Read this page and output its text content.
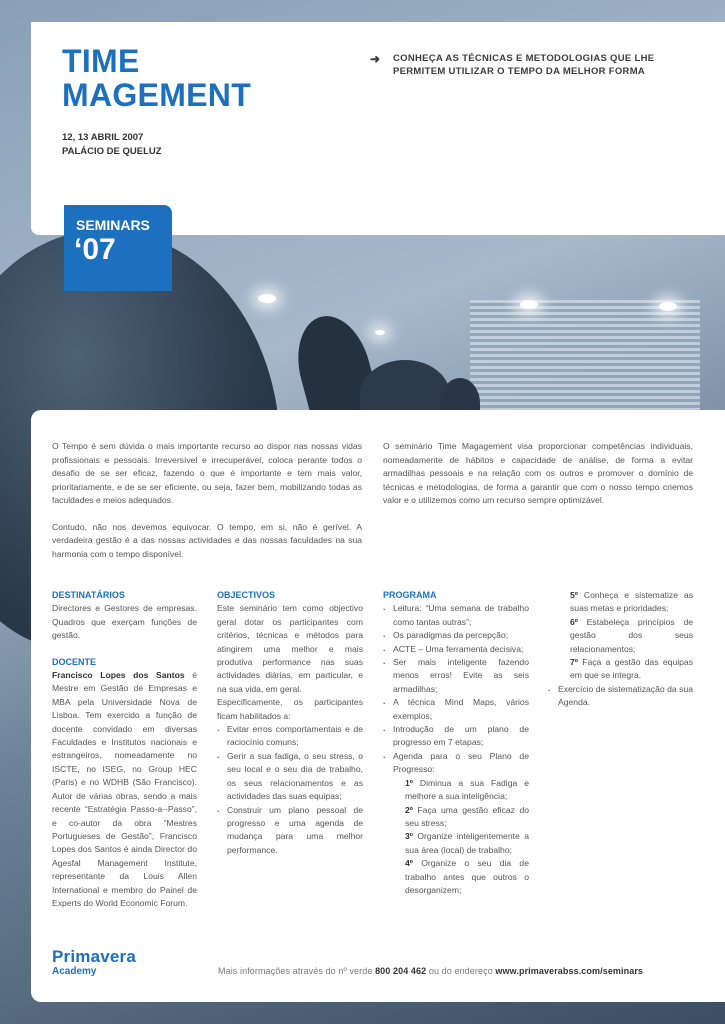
TIME
MAGEMENT
➜	CONHEÇA AS TÉCNICAS E METODOLOGIAS QUE LHE PERMITEM UTILIZAR O TEMPO DA MELHOR FORMA
12, 13 ABRIL 2007
PALÁCIO DE QUELUZ
SEMINARS
‘07

O Tempo é sem dúvida o mais importante recurso ao dispor nas nossas vidas profissionais e pessoais. Irreversível e irrecuperável, coloca perante todos o desafio de se ser eficaz, fazendo o que é importante e tem mais valor, prioritariamente, e de se ser eficiente, ou seja, fazer bem, mobilizando todas as faculdades e meios adequados.

Contudo, não nos devemos equivocar. O tempo, em si, não é gerível. A verdadeira gestão é a das nossas actividades e das nossas faculdades na sua harmonia com o tempo disponível.

O seminário Time Magagement visa proporcionar competências individuais, nomeadamente de hábitos e capacidade de análise, de forma a evitar armadilhas pessoais e na relação com os outros e promover o domínio de técnicas e metodologias, de forma a garantir que com o nosso tempo criemos valor e o utilizemos como um recurso sempre optimizável.

DESTINATÁRIOS
Directores e Gestores de empresas. Quadros que exerçam funções de gestão.
DOCENTE
Francisco Lopes dos Santos é Mestre em Gestão de Empresas e MBA pela Universidade Nova de Lisboa. Tem exercido a função de docente convidado em diversas Faculdades e Institutos nacionais e estrangeiros, nomeadamente no ISCTE, no ISEG, no Group HEC (Paris) e no WDHB (São Francisco). Autor de várias obras, sendo a mais recente “Estratégia Passo-a--Passo”, e co-autor da obra “Mestres Portugueses de Gestão”, Francisco Lopes dos Santos é ainda Director do Agesfal Management Institute, representante da Louis Allen International e membro do Painel de Experts do World Economic Forum.
OBJECTIVOS
Este seminário tem como objectivo geral dotar os participantes com critérios, técnicas e métodos para atingirem uma melhor e mais produtiva performance nas suas actividades diárias, em particular, e na sua vida, em geral.
Especificamente, os participantes ficam habilitados a:
. Evitar erros comportamentais e de raciocínio comuns;
. Gerir a sua fadiga, o seu stress, o seu local e o seu dia de trabalho, os seus relacionamentos e as actividades das suas equipas;
. Construir um plano pessoal de progresso e uma agenda de mudança para uma melhor performance.
PROGRAMA
. Leitura: “Uma semana de trabalho como tantas outras”;
. Os paradigmas da percepção;
. ACTE – Uma ferramenta decisiva;
. Ser mais inteligente fazendo menos erros! Evite as seis armadilhas;
. A técnica Mind Maps, vários exemplos;
. Introdução de um plano de progresso em 7 etapas;
. Agenda para o seu Plano de Progresso:
1º Diminua a sua Fadiga e melhore a sua inteligência;
2º Faça uma gestão eficaz do seu stress;
3º Organize inteligentemente a sua área (local) de trabalho;
4º Organize o seu dia de trabalho antes que outros o desorganizem;
5º Conheça e sistematize as suas metas e prioridades;
6º Estabeleça princípios de gestão dos seus relacionamentos;
7º Faça a gestão das equipas em que se integra.
. Exercício de sistematização da sua Agenda.
Primavera
Academy	Mais informações através do nº verde 800 204 462 ou do endereço www.primaverabss.com/seminars
